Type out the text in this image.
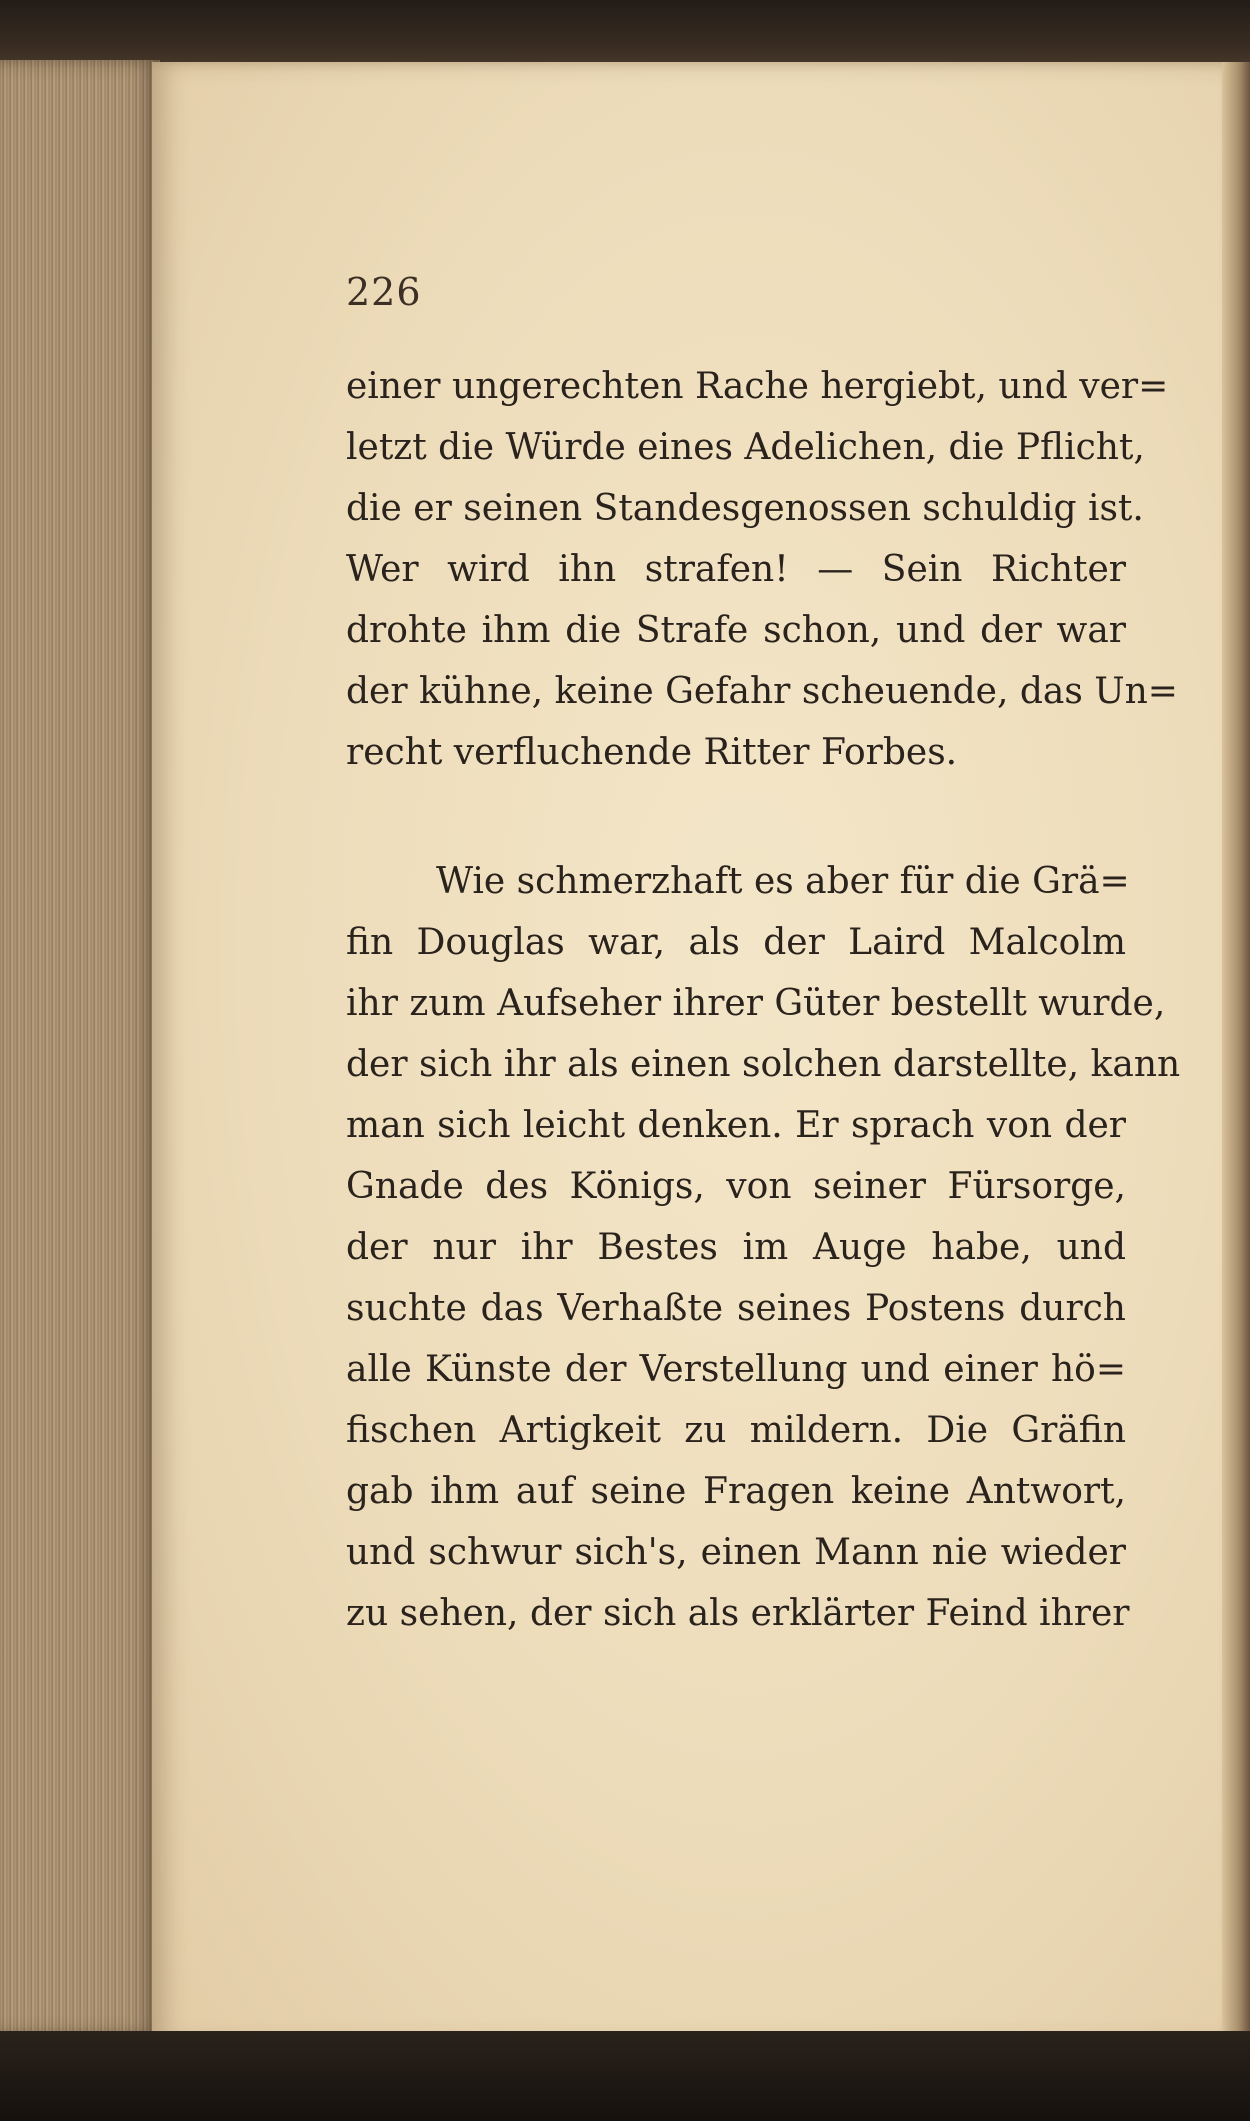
226
einer ungerechten Rache hergiebt, und ver=
letzt die Würde eines Adelichen, die Pflicht,
die er seinen Standesgenossen schuldig ist.
Wer wird ihn strafen! — Sein Richter
drohte ihm die Strafe schon, und der war
der kühne, keine Gefahr scheuende, das Un=
recht verfluchende Ritter Forbes.
Wie schmerzhaft es aber für die Grä=
fin Douglas war, als der Laird Malcolm
ihr zum Aufseher ihrer Güter bestellt wurde,
der sich ihr als einen solchen darstellte, kann
man sich leicht denken. Er sprach von der
Gnade des Königs, von seiner Fürsorge,
der nur ihr Bestes im Auge habe, und
suchte das Verhaßte seines Postens durch
alle Künste der Verstellung und einer hö=
fischen Artigkeit zu mildern. Die Gräfin
gab ihm auf seine Fragen keine Antwort,
und schwur sich's, einen Mann nie wieder
zu sehen, der sich als erklärter Feind ihrer
